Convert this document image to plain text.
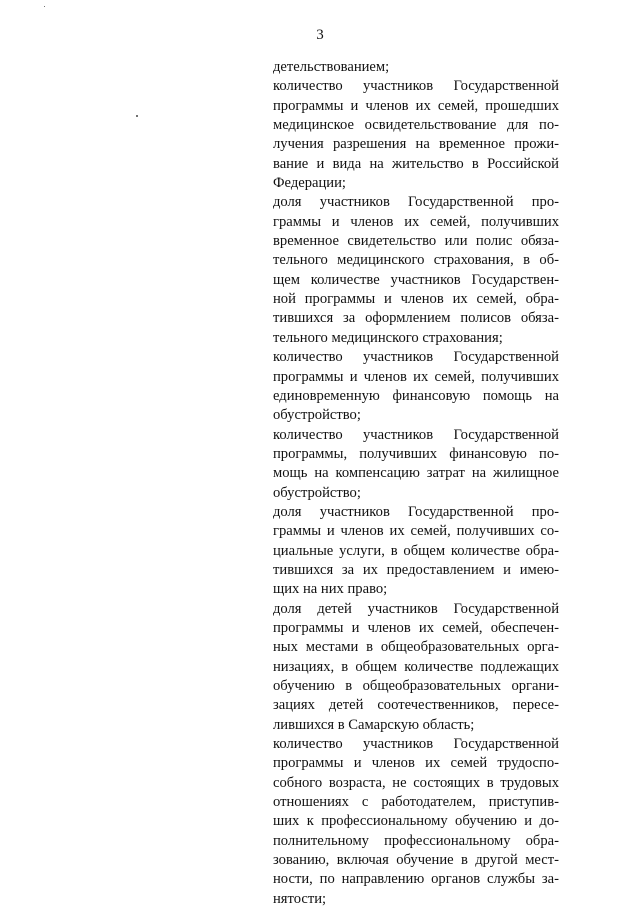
3
детельствованием;
количество участников Государственной
программы и членов их семей, прошедших
медицинское освидетельствование для по-
лучения разрешения на временное прожи-
вание и вида на жительство в Российской
Федерации;
доля участников Государственной про-
граммы и членов их семей, получивших
временное свидетельство или полис обяза-
тельного медицинского страхования, в об-
щем количестве участников Государствен-
ной программы и членов их семей, обра-
тившихся за оформлением полисов обяза-
тельного медицинского страхования;
количество участников Государственной
программы и членов их семей, получивших
единовременную финансовую помощь на
обустройство;
количество участников Государственной
программы, получивших финансовую по-
мощь на компенсацию затрат на жилищное
обустройство;
доля участников Государственной про-
граммы и членов их семей, получивших со-
циальные услуги, в общем количестве обра-
тившихся за их предоставлением и имею-
щих на них право;
доля детей участников Государственной
программы и членов их семей, обеспечен-
ных местами в общеобразовательных орга-
низациях, в общем количестве подлежащих
обучению в общеобразовательных органи-
зациях детей соотечественников, пересе-
лившихся в Самарскую область;
количество участников Государственной
программы и членов их семей трудоспо-
собного возраста, не состоящих в трудовых
отношениях с работодателем, приступив-
ших к профессиональному обучению и до-
полнительному профессиональному обра-
зованию, включая обучение в другой мест-
ности, по направлению органов службы за-
нятости;
